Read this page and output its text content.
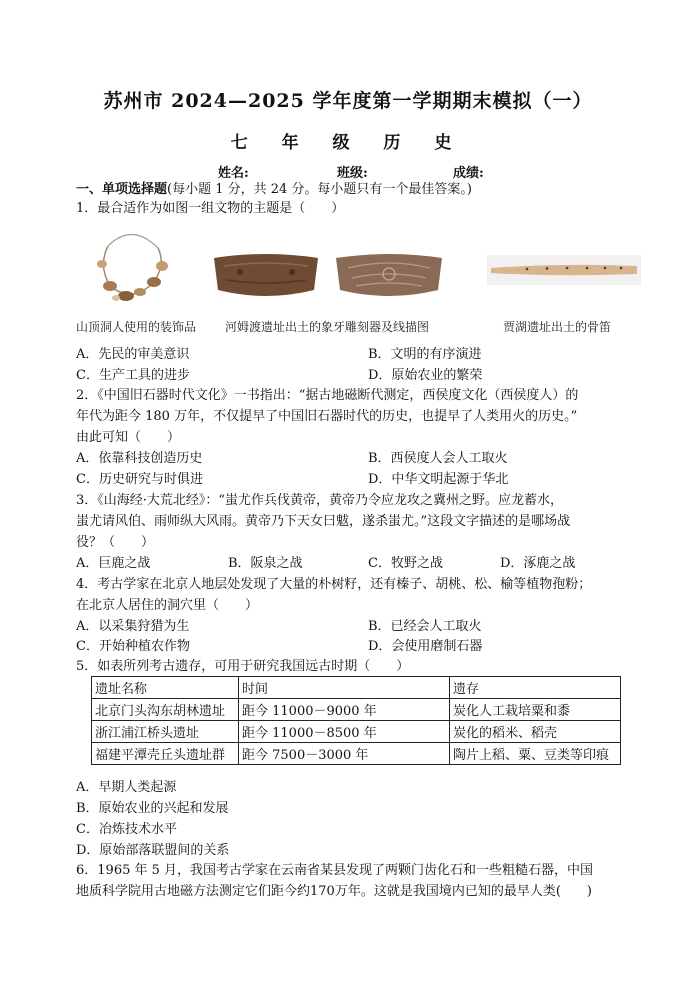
苏州市 2024—2025 学年度第一学期期末模拟（一）
七 年 级 历 史
姓名:	班级:	成绩:
一、单项选择题(每小题 1 分，共 24 分。每小题只有一个最佳答案。)
1．最合适作为如图一组文物的主题是（　　）
山顶洞人使用的装饰品 河姆渡遗址出土的象牙雕刻器及线描图	贾湖遗址出土的骨笛
A．先民的审美意识	B．文明的有序演进
C．生产工具的进步	D．原始农业的繁荣
2．《中国旧石器时代文化》一书指出：“据古地磁断代测定，西侯度文化（西侯度人）的
年代为距今 180 万年，不仅提早了中国旧石器时代的历史，也提早了人类用火的历史。”
由此可知（　　）
A．依靠科技创造历史	B．西侯度人会人工取火
C．历史研究与时俱进	D．中华文明起源于华北
3．《山海经·大荒北经》：“蚩尤作兵伐黄帝，黄帝乃令应龙攻之冀州之野。应龙蓄水，
蚩尤请风伯、雨师纵大风雨。黄帝乃下天女曰魃，遂杀蚩尤。”这段文字描述的是哪场战
役？（　　）
A．巨鹿之战	B．阪泉之战	C．牧野之战	D．涿鹿之战
4．考古学家在北京人地层处发现了大量的朴树籽，还有榛子、胡桃、松、榆等植物孢粉；
在北京人居住的洞穴里（　　）
A．以采集狩猎为生	B．已经会人工取火
C．开始种植农作物	D．会使用磨制石器
5．如表所列考古遗存，可用于研究我国远古时期（　　）
遗址名称	时间	遗存
北京门头沟东胡林遗址	距今 11000－9000 年	炭化人工栽培粟和黍
浙江浦江桥头遗址	距今 11000－8500 年	炭化的稻米、稻壳
福建平潭壳丘头遗址群	距今 7500－3000 年	陶片上稻、粟、豆类等印痕
A．早期人类起源
B．原始农业的兴起和发展
C．冶炼技术水平
D．原始部落联盟间的关系
6．1965 年 5 月，我国考古学家在云南省某县发现了两颗门齿化石和一些粗糙石器，中国
地质科学院用古地磁方法测定它们距今约170万年。这就是我国境内已知的最早人类(　　)
